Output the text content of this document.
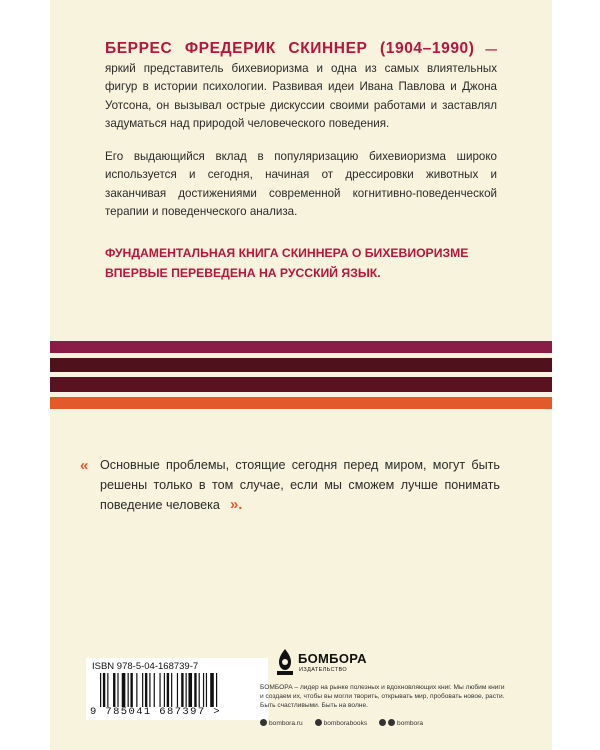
БЕРРЕС ФРЕДЕРИК СКИННЕР (1904–1990) — яркий представитель бихевиоризма и одна из самых влиятельных фигур в истории психологии. Развивая идеи Ивана Павлова и Джона Уотсона, он вызывал острые дискуссии своими работами и заставлял задуматься над природой человеческого поведения.

Его выдающийся вклад в популяризацию бихевиоризма широко используется и сегодня, начиная от дрессировки животных и заканчивая достижениями современной когнитивно-поведенческой терапии и поведенческого анализа.

ФУНДАМЕНТАЛЬНАЯ КНИГА СКИННЕРА О БИХЕВИОРИЗМЕ
ВПЕРВЫЕ ПЕРЕВЕДЕНА НА РУССКИЙ ЯЗЫК.
« Основные проблемы, стоящие сегодня перед миром, могут быть решены только в том случае, если мы сможем лучше понимать поведение человека ».
ISBN 978-5-04-168739-7
9 785041 687397 >
БОМБОРА
ИЗДАТЕЛЬСТВО
БОМБОРА – лидер на рынке полезных и вдохновляющих книг. Мы любим книги и создаем их, чтобы вы могли творить, открывать мир, пробовать новое, расти. Быть счастливыми. Быть на волне.
bombora.ru	bomborabooks	bombora
